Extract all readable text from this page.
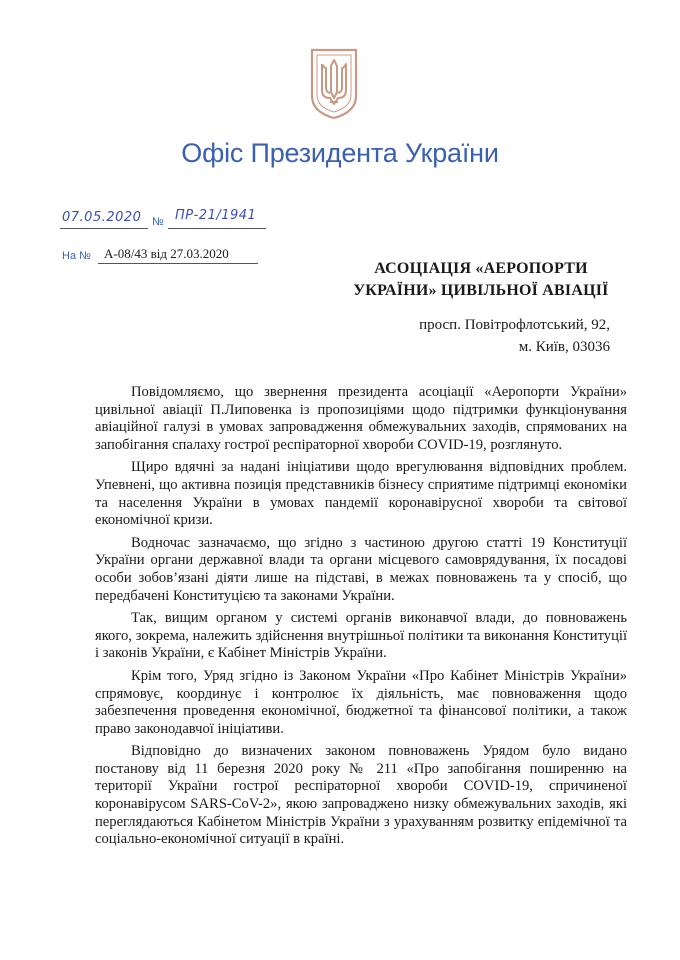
Офіс Президента України
07.05.2020 № ПР-21/1941
На № А-08/43 від 27.03.2020
АСОЦІАЦІЯ «АЕРОПОРТИ
УКРАЇНИ» ЦИВІЛЬНОЇ АВІАЦІЇ
просп. Повітрофлотський, 92,
м. Київ, 03036

Повідомляємо, що звернення президента асоціації «Аеропорти України» цивільної авіації П.Липовенка із пропозиціями щодо підтримки функціонування авіаційної галузі в умовах запровадження обмежувальних заходів, спрямованих на запобігання спалаху гострої респіраторної хвороби COVID-19, розглянуто.

Щиро вдячні за надані ініціативи щодо врегулювання відповідних проблем. Упевнені, що активна позиція представників бізнесу сприятиме підтримці економіки та населення України в умовах пандемії коронавірусної хвороби та світової економічної кризи.

Водночас зазначаємо, що згідно з частиною другою статті 19 Конституції України органи державної влади та органи місцевого самоврядування, їх посадові особи зобов’язані діяти лише на підставі, в межах повноважень та у спосіб, що передбачені Конституцією та законами України.

Так, вищим органом у системі органів виконавчої влади, до повноважень якого, зокрема, належить здійснення внутрішньої політики та виконання Конституції і законів України, є Кабінет Міністрів України.

Крім того, Уряд згідно із Законом України «Про Кабінет Міністрів України» спрямовує, координує і контролює їх діяльність, має повноваження щодо забезпечення проведення економічної, бюджетної та фінансової політики, а також право законодавчої ініціативи.

Відповідно до визначених законом повноважень Урядом було видано постанову від 11 березня 2020 року № 211 «Про запобігання поширенню на території України гострої респіраторної хвороби COVID-19, спричиненої коронавірусом SARS-CoV-2», якою запроваджено низку обмежувальних заходів, які переглядаються Кабінетом Міністрів України з урахуванням розвитку епідемічної та соціально-економічної ситуації в країні.
